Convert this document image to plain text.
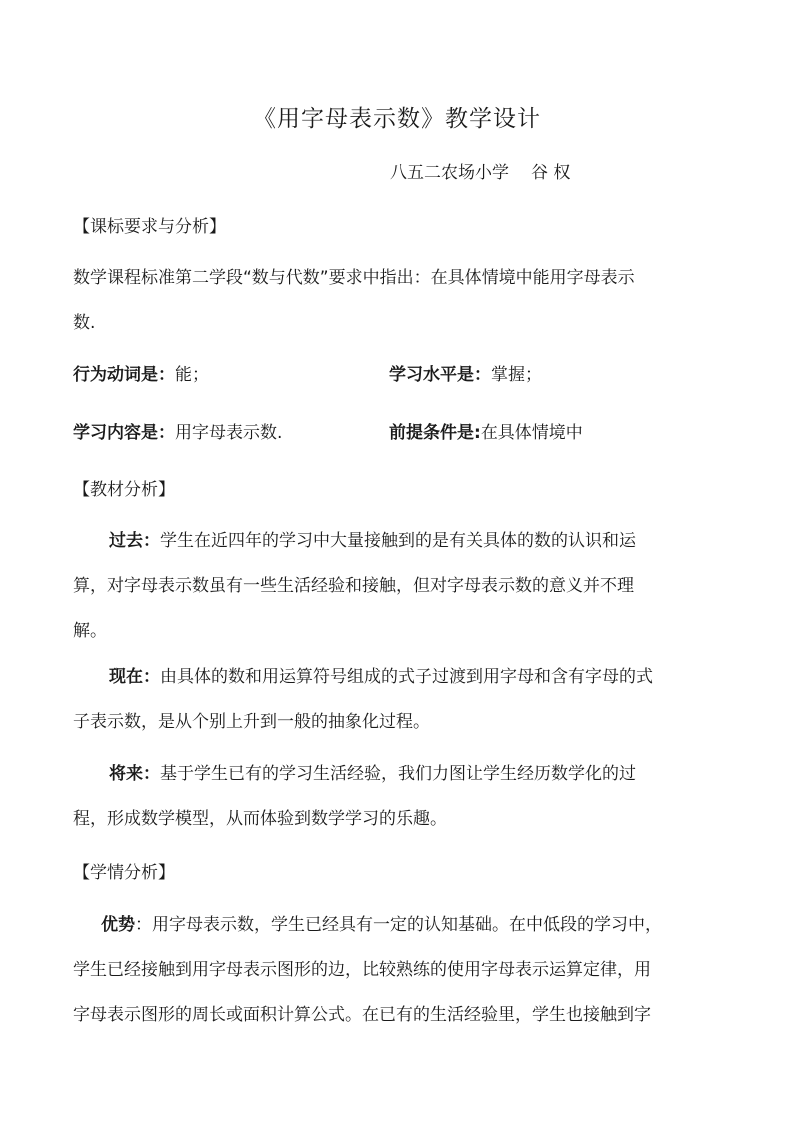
《用字母表示数》教学设计
八五二农场小学 谷 权
【课标要求与分析】
数学课程标准第二学段“数与代数”要求中指出：在具体情境中能用字母表示
数.
行为动词是：能；	学习水平是：掌握；
学习内容是：用字母表示数.	前提条件是:在具体情境中
【教材分析】
过去：学生在近四年的学习中大量接触到的是有关具体的数的认识和运
算，对字母表示数虽有一些生活经验和接触，但对字母表示数的意义并不理
解。
现在：由具体的数和用运算符号组成的式子过渡到用字母和含有字母的式
子表示数，是从个别上升到一般的抽象化过程。
将来：基于学生已有的学习生活经验，我们力图让学生经历数学化的过
程，形成数学模型，从而体验到数学学习的乐趣。
【学情分析】
优势：用字母表示数，学生已经具有一定的认知基础。在中低段的学习中，
学生已经接触到用字母表示图形的边，比较熟练的使用字母表示运算定律，用
字母表示图形的周长或面积计算公式。在已有的生活经验里，学生也接触到字
